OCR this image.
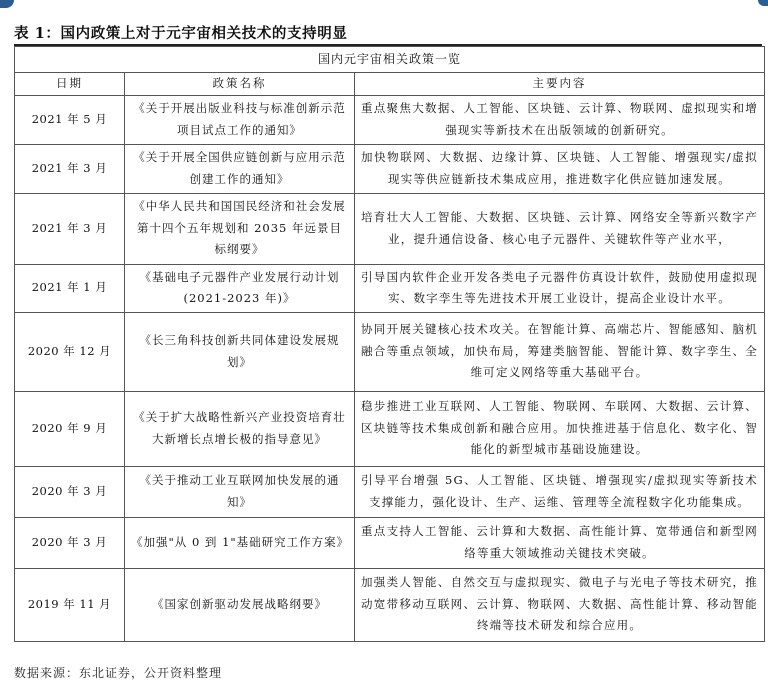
表 1：国内政策上对于元宇宙相关技术的支持明显
国内元宇宙相关政策一览		
日期	政策名称	主要内容
2021 年 5 月	《关于开展出版业科技与标准创新示范项目试点工作的通知》	重点聚焦大数据、人工智能、区块链、云计算、物联网、虚拟现实和增强现实等新技术在出版领域的创新研究。
2021 年 3 月	《关于开展全国供应链创新与应用示范创建工作的通知》	加快物联网、大数据、边缘计算、区块链、人工智能、增强现实/虚拟现实等供应链新技术集成应用，推进数字化供应链加速发展。
2021 年 3 月	《中华人民共和国国民经济和社会发展第十四个五年规划和 2035 年远景目标纲要》	培育壮大人工智能、大数据、区块链、云计算、网络安全等新兴数字产业，提升通信设备、核心电子元器件、关键软件等产业水平，
2021 年 1 月	《基础电子元器件产业发展行动计划(2021-2023 年)》	引导国内软件企业开发各类电子元器件仿真设计软件，鼓励使用虚拟现实、数字孪生等先进技术开展工业设计，提高企业设计水平。
2020 年 12 月	《长三角科技创新共同体建设发展规划》	协同开展关键核心技术攻关。在智能计算、高端芯片、智能感知、脑机融合等重点领域，加快布局，筹建类脑智能、智能计算、数字孪生、全维可定义网络等重大基础平台。
2020 年 9 月	《关于扩大战略性新兴产业投资培育壮大新增长点增长极的指导意见》	稳步推进工业互联网、人工智能、物联网、车联网、大数据、云计算、区块链等技术集成创新和融合应用。加快推进基于信息化、数字化、智能化的新型城市基础设施建设。
2020 年 3 月	《关于推动工业互联网加快发展的通知》	引导平台增强 5G、人工智能、区块链、增强现实/虚拟现实等新技术支撑能力，强化设计、生产、运维、管理等全流程数字化功能集成。
2020 年 3 月	《加强"从 0 到 1"基础研究工作方案》	重点支持人工智能、云计算和大数据、高性能计算、宽带通信和新型网络等重大领域推动关键技术突破。
2019 年 11 月	《国家创新驱动发展战略纲要》	加强类人智能、自然交互与虚拟现实、微电子与光电子等技术研究，推动宽带移动互联网、云计算、物联网、大数据、高性能计算、移动智能终端等技术研发和综合应用。
数据来源：东北证券，公开资料整理
